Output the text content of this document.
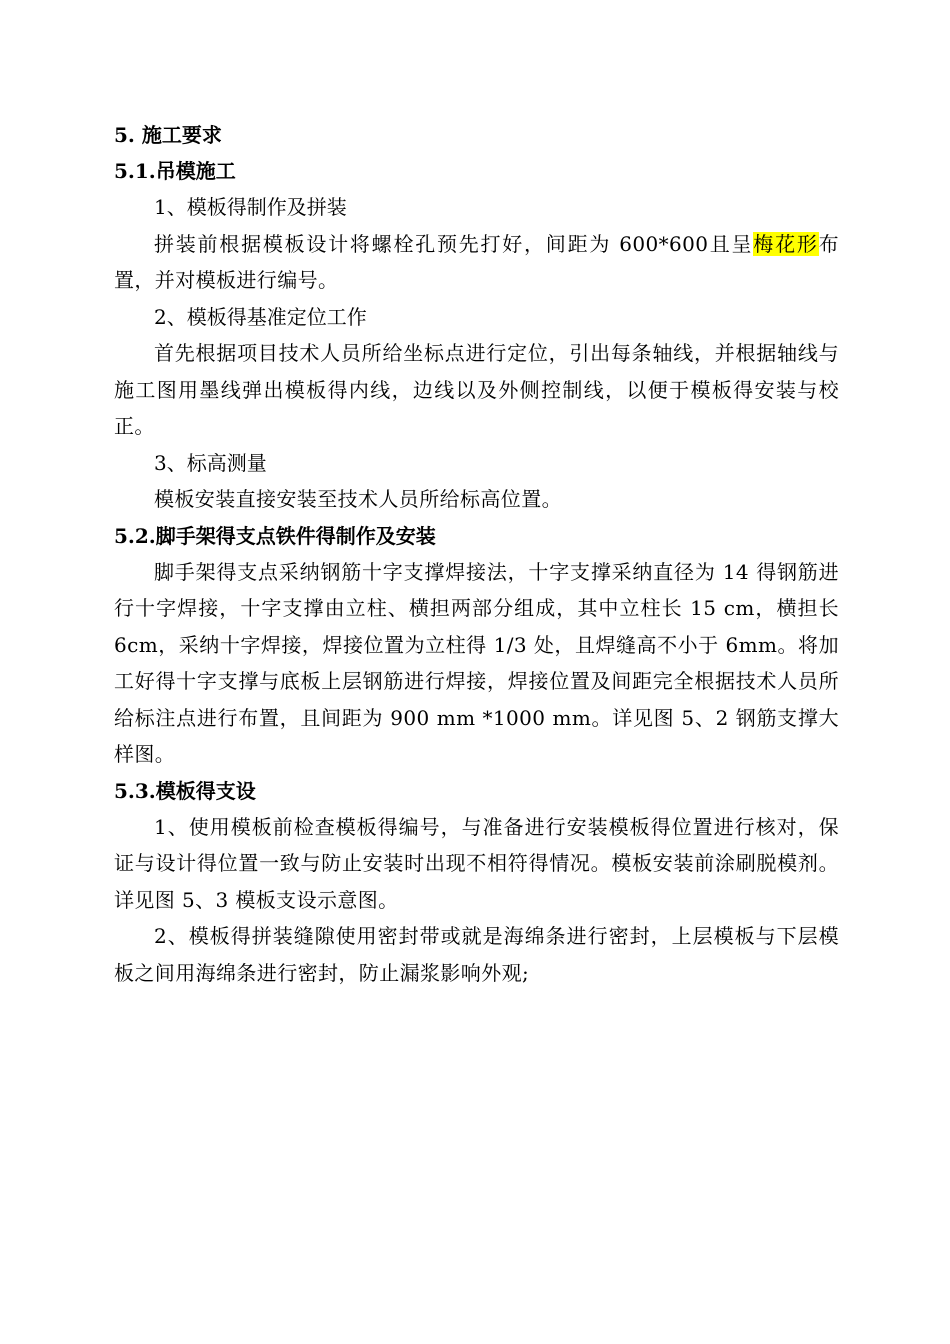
5. 施工要求
5.1.吊模施工
1、模板得制作及拼装

拼装前根据模板设计将螺栓孔预先打好，间距为 600*600且呈梅花形布置，并对模板进行编号。

2、模板得基准定位工作

首先根据项目技术人员所给坐标点进行定位，引出每条轴线，并根据轴线与施工图用墨线弹出模板得内线，边线以及外侧控制线，以便于模板得安装与校正。

3、标高测量

模板安装直接安装至技术人员所给标高位置。

5.2.脚手架得支点铁件得制作及安装

脚手架得支点采纳钢筋十字支撑焊接法，十字支撑采纳直径为 14 得钢筋进行十字焊接，十字支撑由立柱、横担两部分组成，其中立柱长 15 cm，横担长 6cm，采纳十字焊接，焊接位置为立柱得 1/3 处，且焊缝高不小于 6mm。将加工好得十字支撑与底板上层钢筋进行焊接，焊接位置及间距完全根据技术人员所给标注点进行布置，且间距为 900 mm *1000 mm。详见图 5、2 钢筋支撑大样图。

5.3.模板得支设

1、使用模板前检查模板得编号，与准备进行安装模板得位置进行核对，保证与设计得位置一致与防止安装时出现不相符得情况。模板安装前涂刷脱模剂。详见图 5、3 模板支设示意图。

2、模板得拼装缝隙使用密封带或就是海绵条进行密封，上层模板与下层模板之间用海绵条进行密封，防止漏浆影响外观;
